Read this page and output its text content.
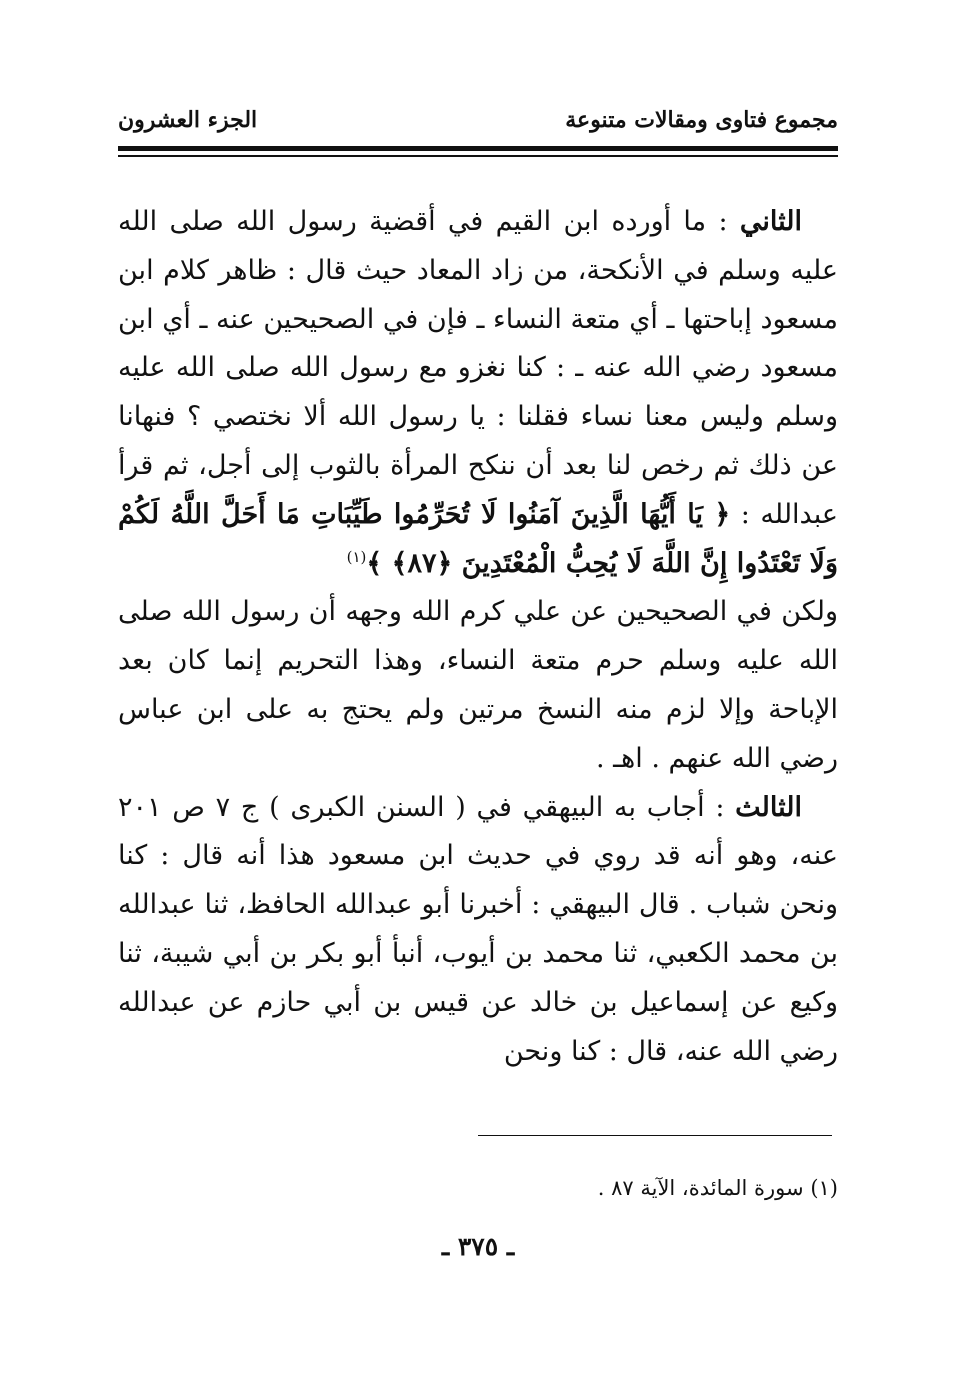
مجموع فتاوى ومقالات متنوعة
الجزء العشرون

الثاني : ما أورده ابن القيم في أقضية رسول الله صلى الله عليه وسلم في الأنكحة، من زاد المعاد حيث قال : ظاهر كلام ابن مسعود إباحتها ـ أي متعة النساء ـ فإن في الصحيحين عنه ـ أي ابن مسعود رضي الله عنه ـ : كنا نغزو مع رسول الله صلى الله عليه وسلم وليس معنا نساء فقلنا : يا رسول الله ألا نختصي ؟ فنهانا عن ذلك ثم رخص لنا بعد أن ننكح المرأة بالثوب إلى أجل، ثم قرأ عبدالله : ﴿ يَا أَيُّهَا الَّذِينَ آمَنُوا لَا تُحَرِّمُوا طَيِّبَاتِ مَا أَحَلَّ اللَّهُ لَكُمْ وَلَا تَعْتَدُوا إِنَّ اللَّهَ لَا يُحِبُّ الْمُعْتَدِينَ ﴿٨٧﴾ ﴾$^{(١)}$

ولكن في الصحيحين عن علي كرم الله وجهه أن رسول الله صلى الله عليه وسلم حرم متعة النساء، وهذا التحريم إنما كان بعد الإباحة وإلا لزم منه النسخ مرتين ولم يحتج به على ابن عباس رضي الله عنهم . اهـ .

الثالث : أجاب به البيهقي في ( السنن الكبرى ) ج ٧ ص ٢٠١ عنه، وهو أنه قد روي في حديث ابن مسعود هذا أنه قال : كنا ونحن شباب . قال البيهقي : أخبرنا أبو عبدالله الحافظ، ثنا عبدالله بن محمد الكعبي، ثنا محمد بن أيوب، أنبأ أبو بكر بن أبي شيبة، ثنا وكيع عن إسماعيل بن خالد عن قيس بن أبي حازم عن عبدالله رضي الله عنه، قال : كنا ونحن

(١) سورة المائدة، الآية ٨٧ .
ـ ٣٧٥ ـ
